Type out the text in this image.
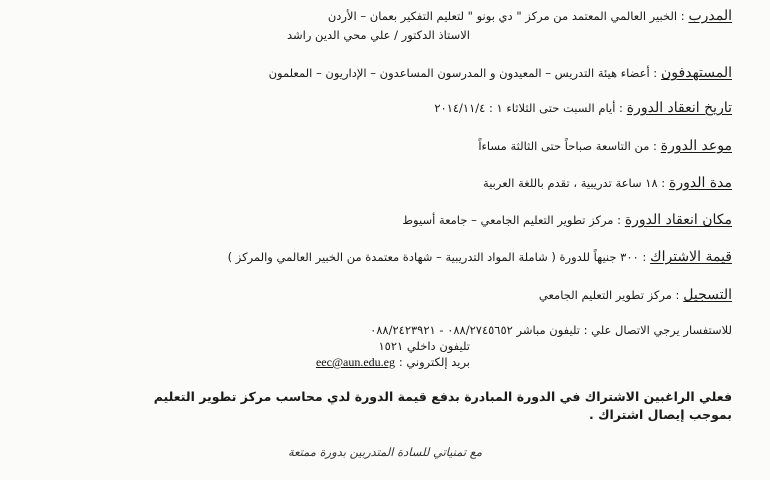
المدرب : الخبير العالمي المعتمد من مركز " دي بونو " لتعليم التفكير بعمان – الأردن
الاستاذ الدكتور / علي محي الدين راشد
المستهدفون : أعضاء هيئة التدريس – المعيدون و المدرسون المساعدون – الإداريون – المعلمون
تاريخ انعقاد الدورة : أيام السبت حتى الثلاثاء ١ : ٢٠١٤/١١/٤
موعد الدورة : من التاسعة صباحاً حتى الثالثة مساءاً
مدة الدورة : ١٨ ساعة تدريبية ، تقدم باللغة العربية
مكان انعقاد الدورة : مركز تطوير التعليم الجامعي – جامعة أسيوط
قيمة الاشتراك : ٣٠٠ جنيهاً للدورة ( شاملة المواد التدريبية – شهادة معتمدة من الخبير العالمي والمركز )
التسجيل : مركز تطوير التعليم الجامعي
للاستفسار يرجي الاتصال علي : تليفون مباشر ٠٨٨/٢٧٤٥٦٥٢ - ٠٨٨/٢٤٢٣٩٢١
تليفون داخلي ١٥٢١
بريد إلكتروني : eec@aun.edu.eg
فعلي الراغبين الاشتراك في الدورة المبادرة بدفع قيمة الدورة لدي محاسب مركز تطوير التعليم
بموجب إيصال اشتراك .
مع تمنياتي للسادة المتدربين بدورة ممتعة
